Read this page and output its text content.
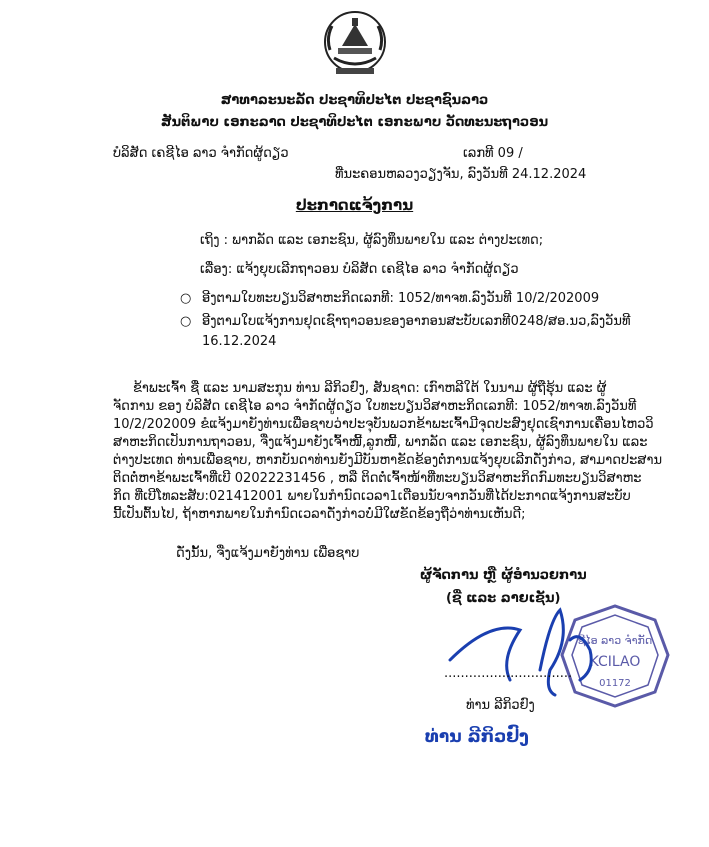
ສາທາລະນະລັດ ປະຊາທິປະໄຕ ປະຊາຊົນລາວ
ສັນຕິພາບ ເອກະລາດ ປະຊາທິປະໄຕ ເອກະພາບ ວັດທະນະຖາວອນ
ບໍລິສັດ ເຄຊີໄອ ລາວ ຈໍາກັດຜູ້ດຽວ	ເລກທີ 09 /
ທີ່ນະຄອນຫລວງວຽງຈັນ, ລົງວັນທີ 24.12.2024
ປະກາດແຈ້ງການ
ເຖິງ : ພາກລັດ ແລະ ເອກະຊົນ, ຜູ້ລົງທຶນພາຍໃນ ແລະ ຕ່າງປະເທດ;
ເລື່ອງ: ແຈ້ງຍຸບເລີກຖາວອນ ບໍລິສັດ ເຄຊີໄອ ລາວ ຈໍາກັດຜູ້ດຽວ
○ ອີງຕາມໃບທະບຽນວິສາຫະກິດເລກທີ: 1052/ທາຈທ.ລົງວັນທີ 10/2/202009
○ ອີງຕາມໃບແຈ້ງການຢຸດເຊົາຖາວອນຂອງອາກອນສະບັບເລກທີ0248/ສອ.ນວ,ລົງວັນທີ
16.12.2024

ຂ້າພະເຈົ້າ ຊື່ ແລະ ນາມສະກຸນ ທ່ານ ລີກິວຢົງ, ສັນຊາດ: ເກົາຫລີໃຕ້ ໃນນາມ ຜູ້ຖືຮຸ້ນ ແລະ ຜູ້

ຈັດການ ຂອງ ບໍລິສັດ ເຄຊີໄອ ລາວ ຈໍາກັດຜູ້ດຽວ ໃບທະບຽນວິສາຫະກິດເລກທີ: 1052/ທາຈທ.ລົງວັນທີ

10/2/202009 ຂໍແຈ້ງມາຍັງທ່ານເພື່ອຊາບວ່າປະຈຸບັນພວກຂ້າພະເຈົ້າມີຈຸດປະສົງຢຸດເຊົາການເຄື່ອນໄຫວວິ

ສາຫະກິດເປັນການຖາວອນ, ຈື່ງແຈ້ງມາຍັງເຈົ້າໜີ້,ລູກໜີ້, ພາກລັດ ແລະ ເອກະຊົນ, ຜູ້ລົງທຶນພາຍໃນ ແລະ

ຕ່າງປະເທດ ທ່ານເພື່ອຊາບ, ຫາກບັນດາທ່ານຍັງມີບັນຫາຂັດຂ້ອງຕໍ່ການແຈ້ງຍຸບເລີກດັ່ງກ່າວ, ສາມາດປະສານ

ຕິດຕໍ່ຫາຂ້າພະເຈົ້າທີ່ເບີ 02022231456 , ຫລື ຕິດຕໍ່ເຈົ້າໜ້າທີ່ທະບຽນວິສາຫະກິດກົມທະບຽນວິສາຫະ

ກິດ ທີ່ເບີໂທລະສັບ:021412001 ພາຍໃນກໍານົດເວລາ1ເດືອນນັບຈາກວັນທີ່ໄດ້ປະກາດແຈ້ງການສະບັບ

ນີ້ເປັນຕົ້ນໄປ, ຖ້າຫາກພາຍໃນກໍານົດເວລາດັ່ງກ່າວບໍ່ມີໃຜຂັດຂ້ອງຖືວ່າທ່ານເຫັນດີ;

ດັ່ງນັ້ນ, ຈື່ງແຈ້ງມາຍັງທ່ານ ເພື່ອຊາບ
ຜູ້ຈັດການ ຫຼື ຜູ້ອໍານວຍການ
(ຊື່ ແລະ ລາຍເຊັນ)
ຊີໄອ ລາວ ຈຳກັດ
KCILAO
01172
...............................
ທ່ານ ລີກິວຢົງ
ທ່ານ ລີກິວຢົງ
